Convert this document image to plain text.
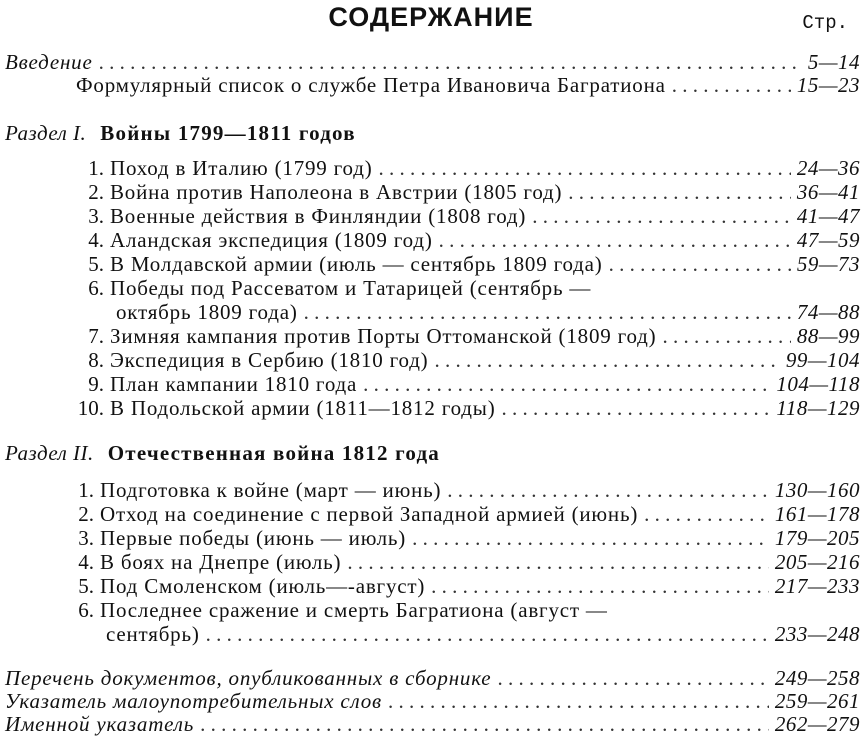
СОДЕРЖАНИЕ	Стр.
Введение . . .	5—14
Формулярный список о службе Петра Ивановича Багратиона . . .	15—23
Раздел I. Войны 1799—1811 годов
1. Поход в Италию (1799 год) . . .	24—36
2. Война против Наполеона в Австрии (1805 год) . . .	36—41
3. Военные действия в Финляндии (1808 год) . . .	41—47
4. Аландская экспедиция (1809 год) . . .	47—59
5. В Молдавской армии (июль — сентябрь 1809 года) . . .	59—73
6. Победы под Рассеватом и Татарицей (сентябрь —
октябрь 1809 года) . . .	74—88
7. Зимняя кампания против Порты Оттоманской (1809 год) . . .	88—99
8. Экспедиция в Сербию (1810 год) . . .	99—104
9. План кампании 1810 года . . .	104—118
10. В Подольской армии (1811—1812 годы) . . .	118—129
Раздел II. Отечественная война 1812 года
1. Подготовка к войне (март — июнь) . . .	130—160
2. Отход на соединение с первой Западной армией (июнь) . . .	161—178
3. Первые победы (июнь — июль) . . .	179—205
4. В боях на Днепре (июль) . . .	205—216
5. Под Смоленском (июль—-август) . . .	217—233
6. Последнее сражение и смерть Багратиона (август —
сентябрь) . . .	233—248
Перечень документов, опубликованных в сборнике . . .	249—258
Указатель малоупотребительных слов . . .	259—261
Именной указатель . . .	262—279
